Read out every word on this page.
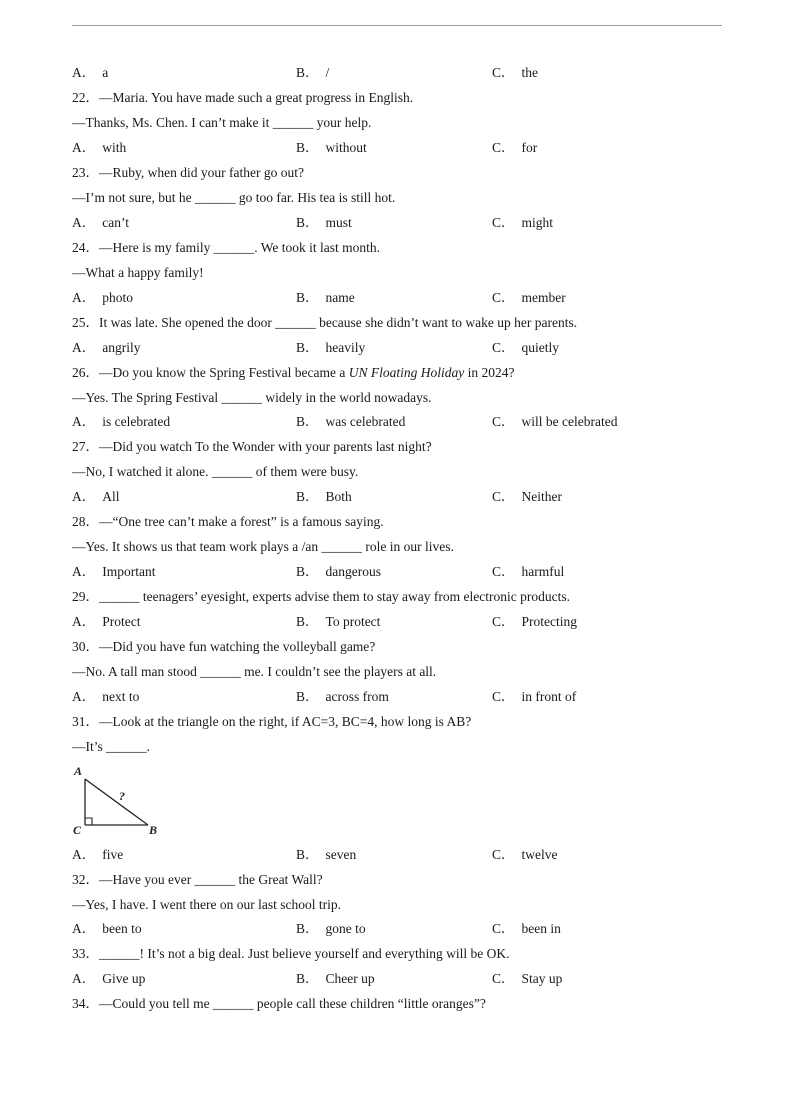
A． a	B． /	C． the
22．—Maria. You have made such a great progress in English.
—Thanks, Ms. Chen. I can’t make it ______ your help.
A． with	B． without	C． for
23．—Ruby, when did your father go out?
—I’m not sure, but he ______ go too far. His tea is still hot.
A． can’t	B． must	C． might
24．—Here is my family ______. We took it last month.
—What a happy family!
A． photo	B． name	C． member
25．It was late. She opened the door ______ because she didn’t want to wake up her parents.
A． angrily	B． heavily	C． quietly
26．—Do you know the Spring Festival became a UN Floating Holiday in 2024?
—Yes. The Spring Festival ______ widely in the world nowadays.
A． is celebrated	B． was celebrated	C． will be celebrated
27．—Did you watch To the Wonder with your parents last night?
—No, I watched it alone. ______ of them were busy.
A． All	B． Both	C． Neither
28．—“One tree can’t make a forest” is a famous saying.
—Yes. It shows us that team work plays a /an ______ role in our lives.
A． Important	B． dangerous	C． harmful
29．______ teenagers’ eyesight, experts advise them to stay away from electronic products.
A． Protect	B． To protect	C． Protecting
30．—Did you have fun watching the volleyball game?
—No. A tall man stood ______ me. I couldn’t see the players at all.
A． next to	B． across from	C． in front of
31．—Look at the triangle on the right, if AC=3, BC=4, how long is AB?
—It’s ______.
A
C	B
?
A． five	B． seven	C． twelve
32．—Have you ever ______ the Great Wall?
—Yes, I have. I went there on our last school trip.
A． been to	B． gone to	C． been in
33．______! It’s not a big deal. Just believe yourself and everything will be OK.
A． Give up	B． Cheer up	C． Stay up
34．—Could you tell me ______ people call these children “little oranges”?
